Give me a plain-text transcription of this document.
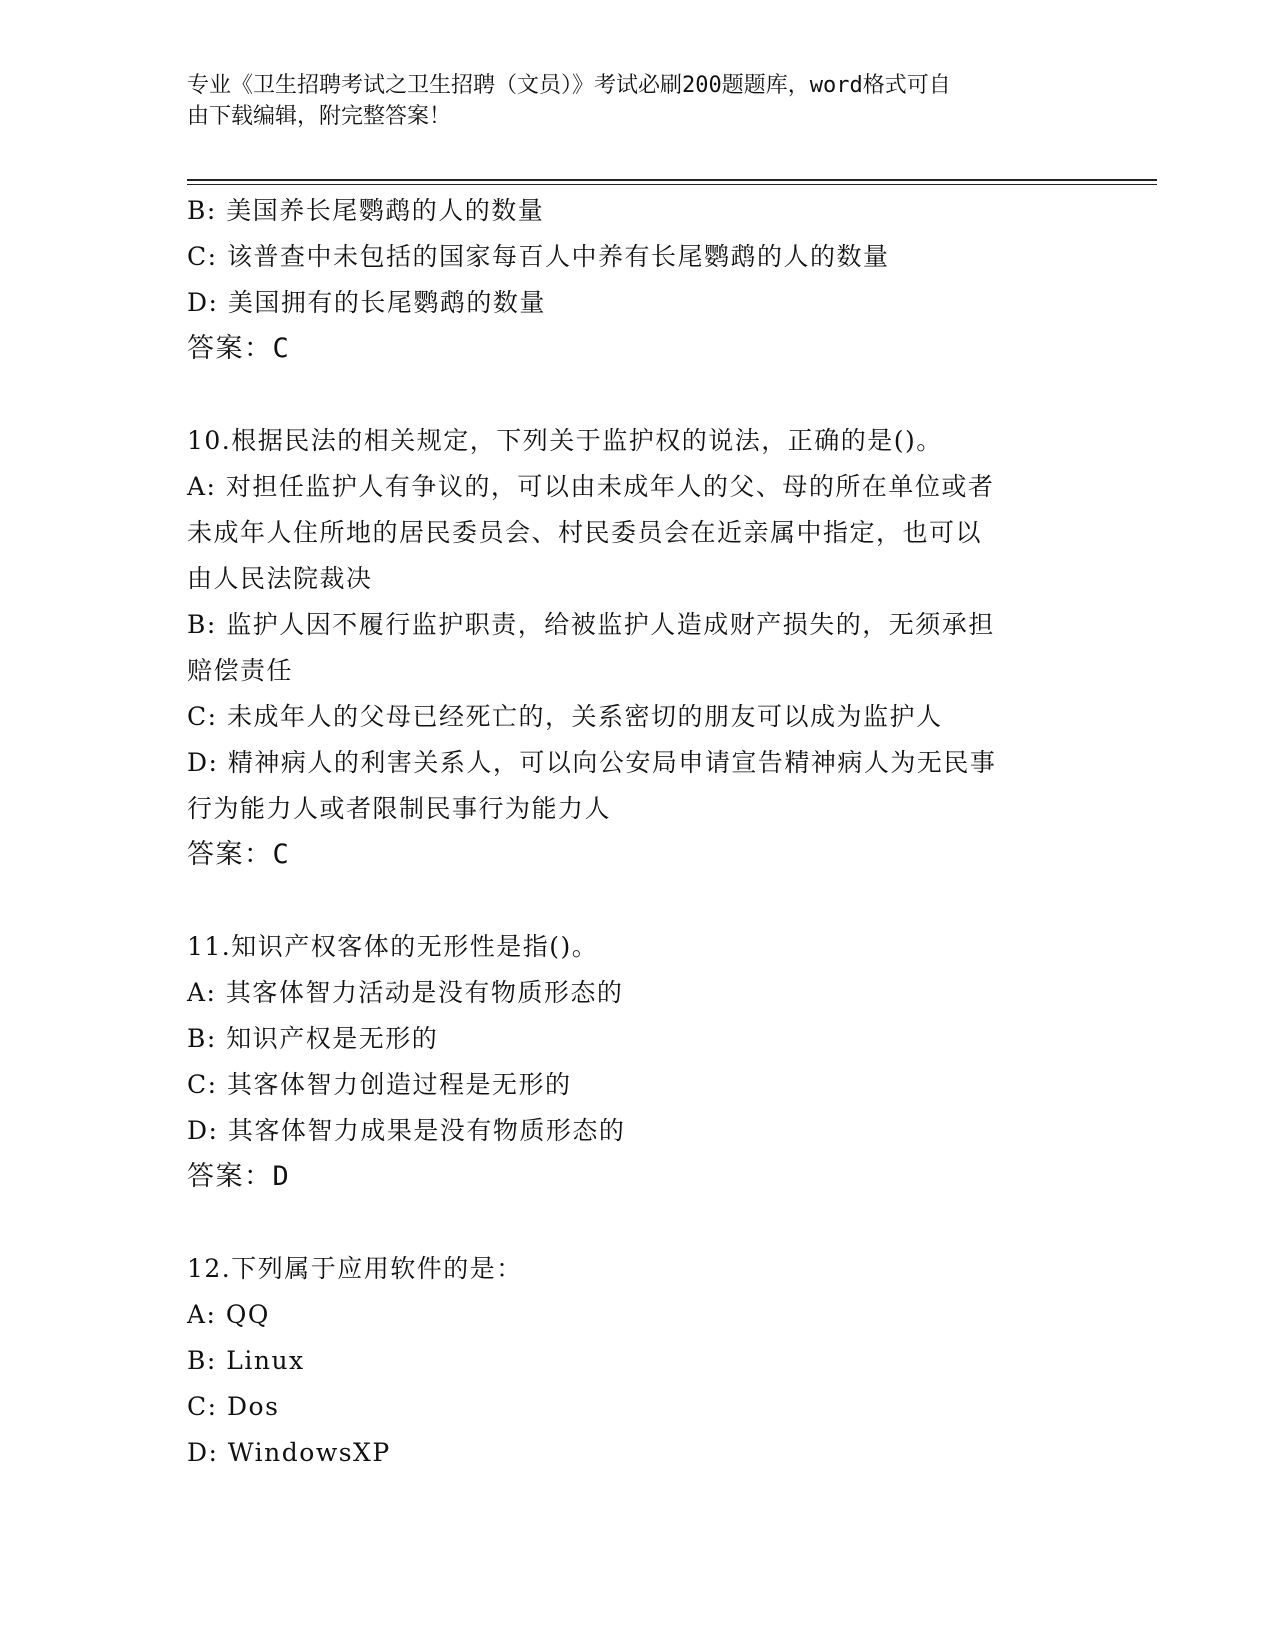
专业《卫生招聘考试之卫生招聘（文员）》考试必刷200题题库，word格式可自
由下载编辑，附完整答案！
B: 美国养长尾鹦鹉的人的数量
C: 该普查中未包括的国家每百人中养有长尾鹦鹉的人的数量
D: 美国拥有的长尾鹦鹉的数量
答案：C
10.根据民法的相关规定，下列关于监护权的说法，正确的是()。
A: 对担任监护人有争议的，可以由未成年人的父、母的所在单位或者
未成年人住所地的居民委员会、村民委员会在近亲属中指定，也可以
由人民法院裁决
B: 监护人因不履行监护职责，给被监护人造成财产损失的，无须承担
赔偿责任
C: 未成年人的父母已经死亡的，关系密切的朋友可以成为监护人
D: 精神病人的利害关系人，可以向公安局申请宣告精神病人为无民事
行为能力人或者限制民事行为能力人
答案：C
11.知识产权客体的无形性是指()。
A: 其客体智力活动是没有物质形态的
B: 知识产权是无形的
C: 其客体智力创造过程是无形的
D: 其客体智力成果是没有物质形态的
答案：D
12.下列属于应用软件的是：
A: QQ
B: Linux
C: Dos
D: WindowsXP
